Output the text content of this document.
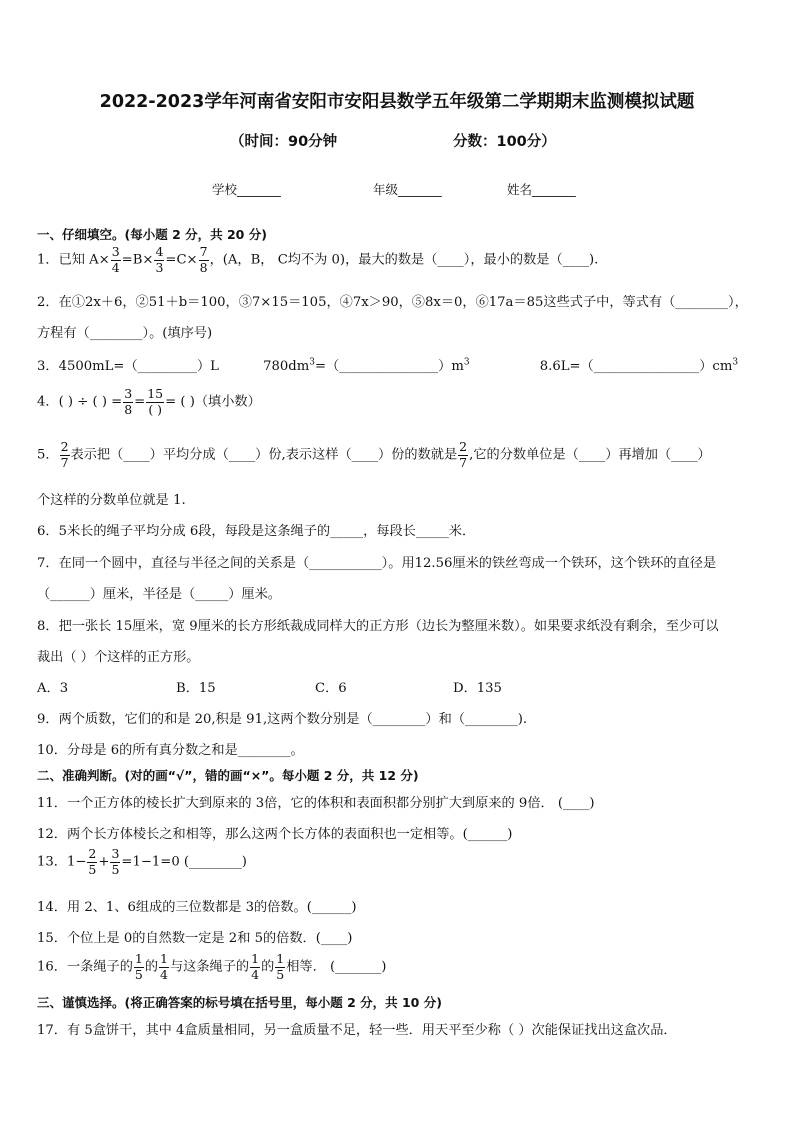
2022-2023学年河南省安阳市安阳县数学五年级第二学期期末监测模拟试题
（时间：90分钟	分数：100分）
学校_______	年级_______	姓名_______
一、仔细填空。(每小题 2 分，共 20 分)
1．已知 $A\times \frac{3}{4} =B\times \frac{4}{3} =C\times \frac{7}{8}$ ，(A，B， C均不为 0)，最大的数是（____），最小的数是（____).
2．在①2x＋6，②51＋b＝100，③7×15＝105，④7x＞90，⑤8x＝0，⑥17a＝85这些式子中，等式有（________），
方程有（________）。(填序号)
3．4500mL=（_________）L	$780dm^3=(\_\_\_\_\_\_\_\_\_\_\_\_\_\_\_)m^3$	$8.6L=(\_\_\_\_\_\_\_\_\_\_\_\_\_\_\_\_)cm^3$
4．( ) ÷ ( ) = $\frac{3}{8} = \frac{15}{( )}$ = ( )（填小数）
5． $\frac{2}{7}$ 表示把（____）平均分成（____）份,表示这样（____）份的数就是 $\frac{2}{7}$ ,它的分数单位是（____）再增加（____）
个这样的分数单位就是 1.
6．5米长的绳子平均分成 6段，每段是这条绳子的_____，每段长_____米．
7．在同一个圆中，直径与半径之间的关系是（___________）。用12.56厘米的铁丝弯成一个铁环，这个铁环的直径是
（______）厘米，半径是（_____）厘米。
8．把一张长 15厘米，宽 9厘米的长方形纸裁成同样大的正方形（边长为整厘米数）。如果要求纸没有剩余，至少可以
裁出（ ）个这样的正方形。
A．3	B．15	C．6	D．135
9．两个质数，它们的和是 20,积是 91,这两个数分别是（________）和（________).
10．分母是 6的所有真分数之和是________。
二、准确判断。(对的画“√”，错的画“×”。每小题 2 分，共 12 分)
11．一个正方体的棱长扩大到原来的 3倍，它的体积和表面积都分别扩大到原来的 9倍． (____)
12．两个长方体棱长之和相等，那么这两个长方体的表面积也一定相等。(______)
13．$1- \frac{2}{5} + \frac{3}{5} =1-1=0$ (________)
14．用 2、1、6组成的三位数都是 3的倍数。(______)
15．个位上是 0的自然数一定是 2和 5的倍数．(____)
16．一条绳子的 $\frac{1}{5}$ 的 $\frac{1}{4}$ 与这条绳子的 $\frac{1}{4}$ 的 $\frac{1}{5}$ 相等． (_______)
三、谨慎选择。(将正确答案的标号填在括号里，每小题 2 分，共 10 分)
17．有 5盒饼干，其中 4盒质量相同，另一盒质量不足，轻一些．用天平至少称（ ）次能保证找出这盒次品．
